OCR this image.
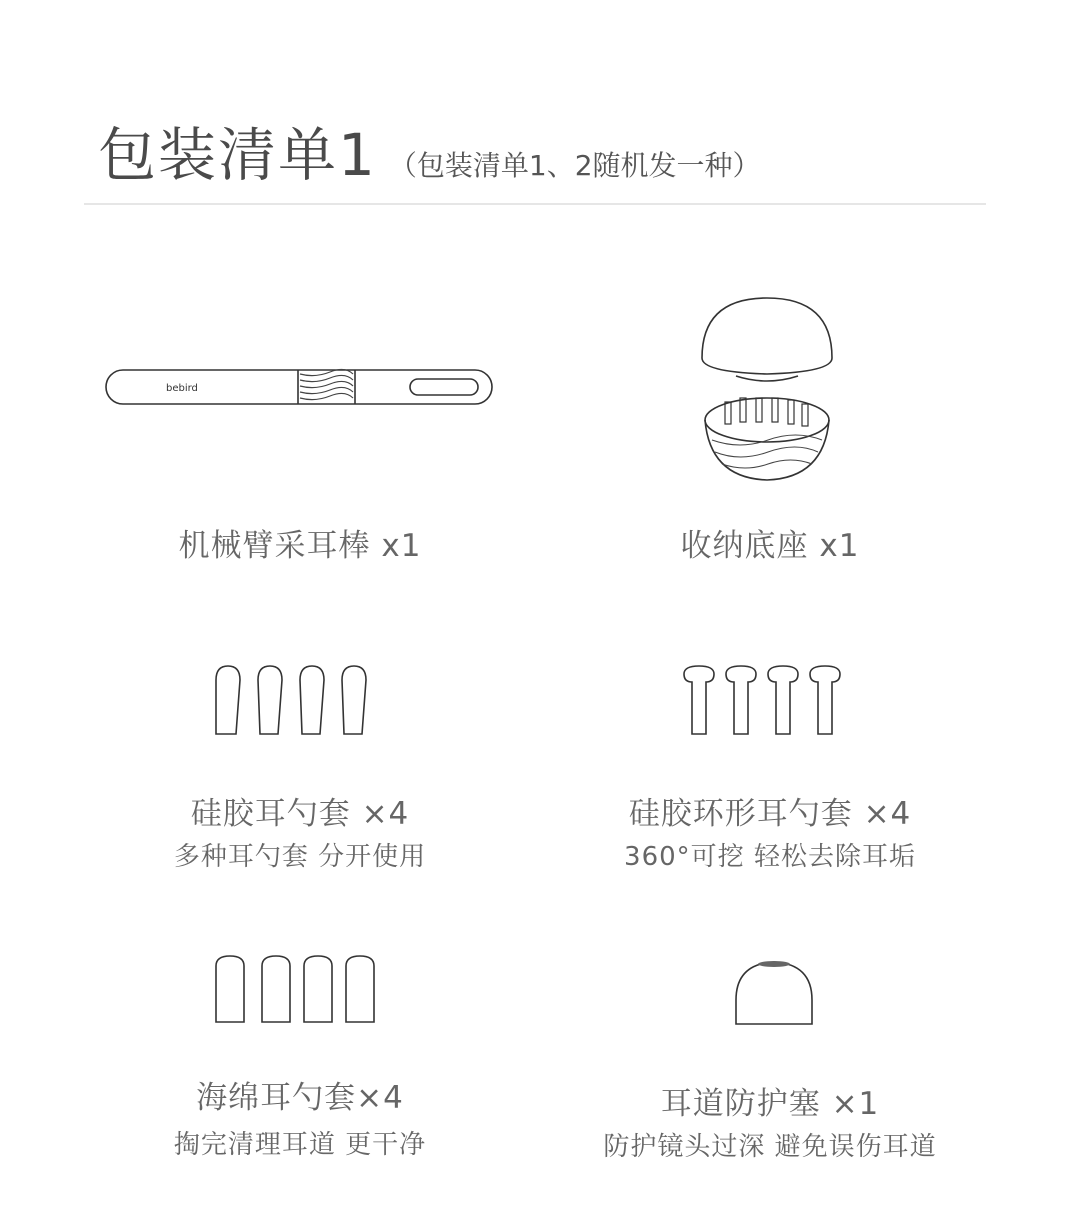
包装清单1 （包装清单1、2随机发一种）
bebird
机械臂采耳棒 x1	收纳底座 x1
硅胶耳勺套 ×4
多种耳勺套 分开使用
硅胶环形耳勺套 ×4
360°可挖 轻松去除耳垢
海绵耳勺套×4
掏完清理耳道 更干净
耳道防护塞 ×1
防护镜头过深 避免误伤耳道
